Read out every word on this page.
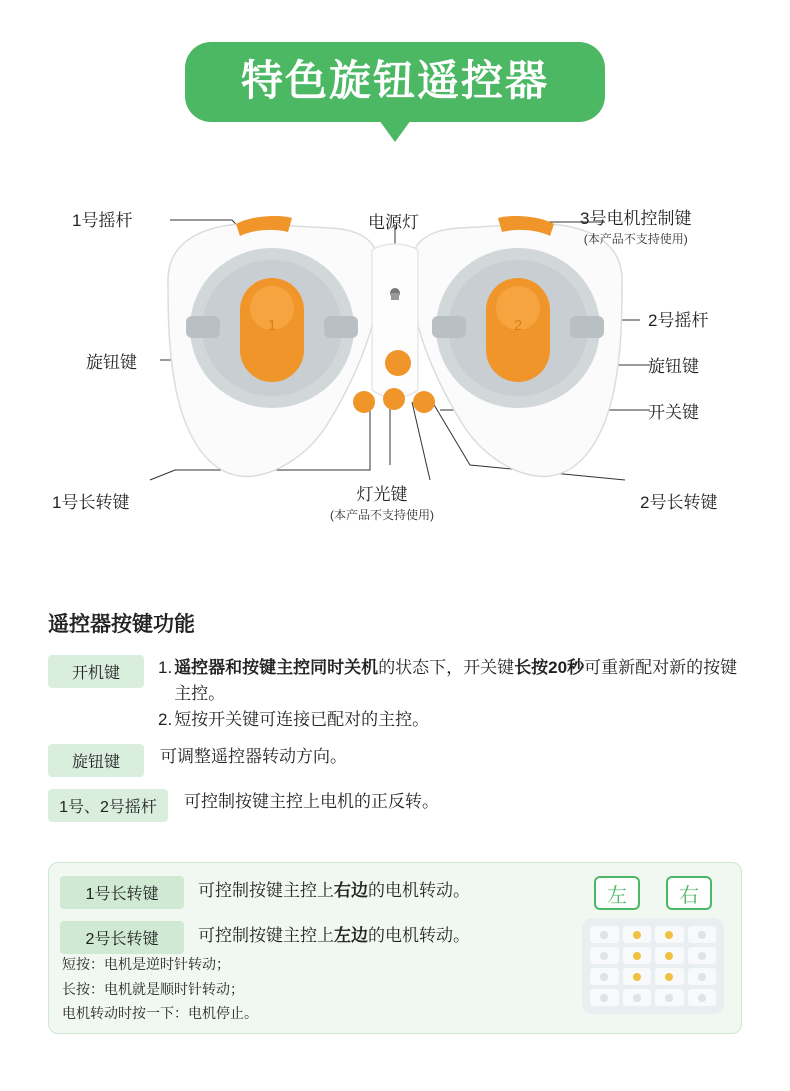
特色旋钮遥控器
1	2
1号摇杆	电源灯	3号电机控制键
(本产品不支持使用)
2号摇杆
旋钮键	旋钮键
开关键
1号长转键	2号长转键
灯光键
(本产品不支持使用)
遥控器按键功能
开机键	1. 遥控器和按键主控同时关机的状态下，开关键长按20秒可重新配对新的按键主控。
2. 短按开关键可连接已配对的主控。
旋钮键	可调整遥控器转动方向。
1号、2号摇杆	可控制按键主控上电机的正反转。
1号长转键	可控制按键主控上右边的电机转动。
2号长转键	可控制按键主控上左边的电机转动。
短按：电机是逆时针转动；
长按：电机就是顺时针转动；
电机转动时按一下：电机停止。
左	右
